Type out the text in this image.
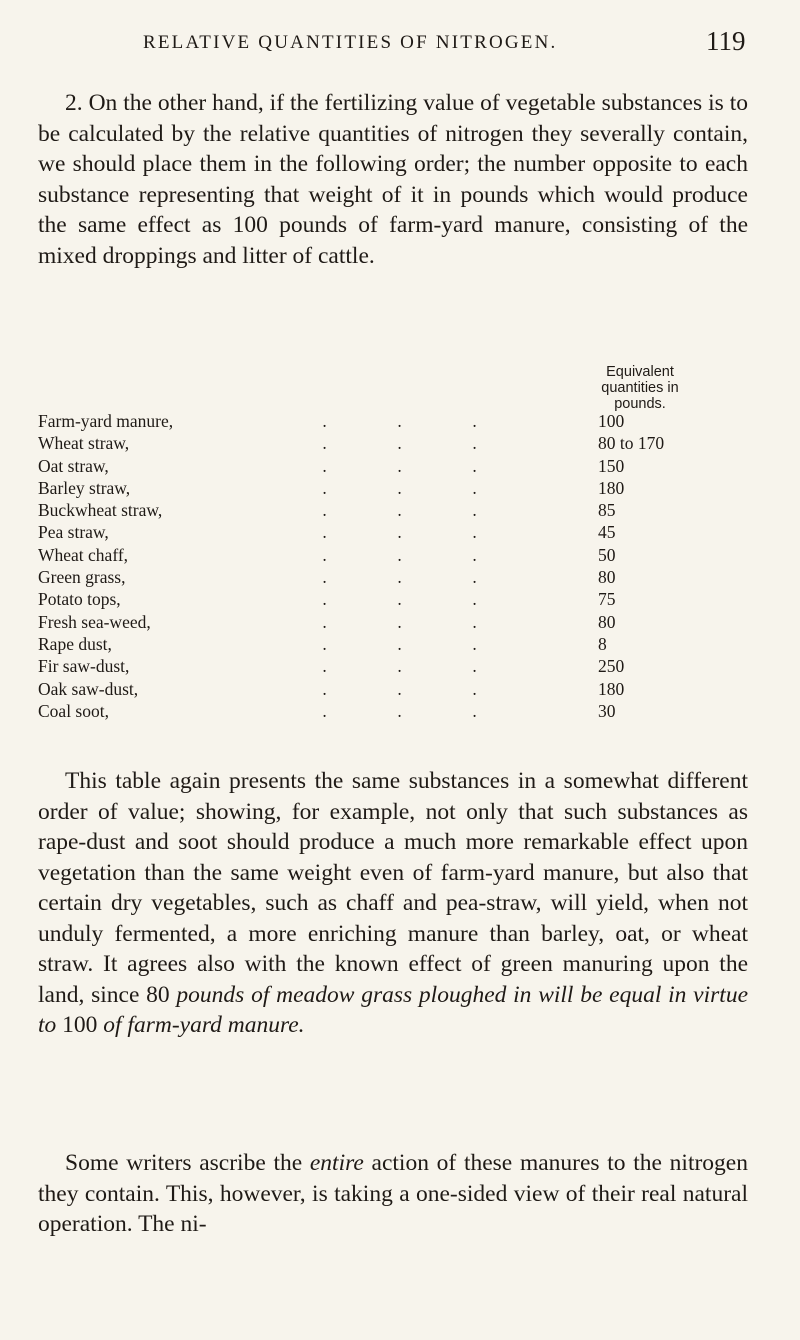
RELATIVE QUANTITIES OF NITROGEN.	119

2. On the other hand, if the fertilizing value of vegetable substances is to be calculated by the relative quantities of nitrogen they severally contain, we should place them in the following order; the number opposite to each substance representing that weight of it in pounds which would produce the same effect as 100 pounds of farm-yard manure, consisting of the mixed droppings and litter of cattle.

Equivalent
quantities in
pounds.
Farm-yard manure,	.	.	.	100
Wheat straw,	.	.	.	80 to 170
Oat straw,	.	.	.	150
Barley straw,	.	.	.	180
Buckwheat straw,	.	.	.	85
Pea straw,	.	.	.	45
Wheat chaff,	.	.	.	50
Green grass,	.	.	.	80
Potato tops,	.	.	.	75
Fresh sea-weed,	.	.	.	80
Rape dust,	.	.	.	8
Fir saw-dust,	.	.	.	250
Oak saw-dust,	.	.	.	180
Coal soot,	.	.	.	30

This table again presents the same substances in a somewhat different order of value; showing, for example, not only that such substances as rape-dust and soot should produce a much more remarkable effect upon vegetation than the same weight even of farm-yard manure, but also that certain dry vegetables, such as chaff and pea-straw, will yield, when not unduly fermented, a more enriching manure than barley, oat, or wheat straw. It agrees also with the known effect of green manuring upon the land, since 80 pounds of meadow grass ploughed in will be equal in virtue to 100 of farm-yard manure.

Some writers ascribe the entire action of these manures to the nitrogen they contain. This, however, is taking a one-sided view of their real natural operation. The ni-
